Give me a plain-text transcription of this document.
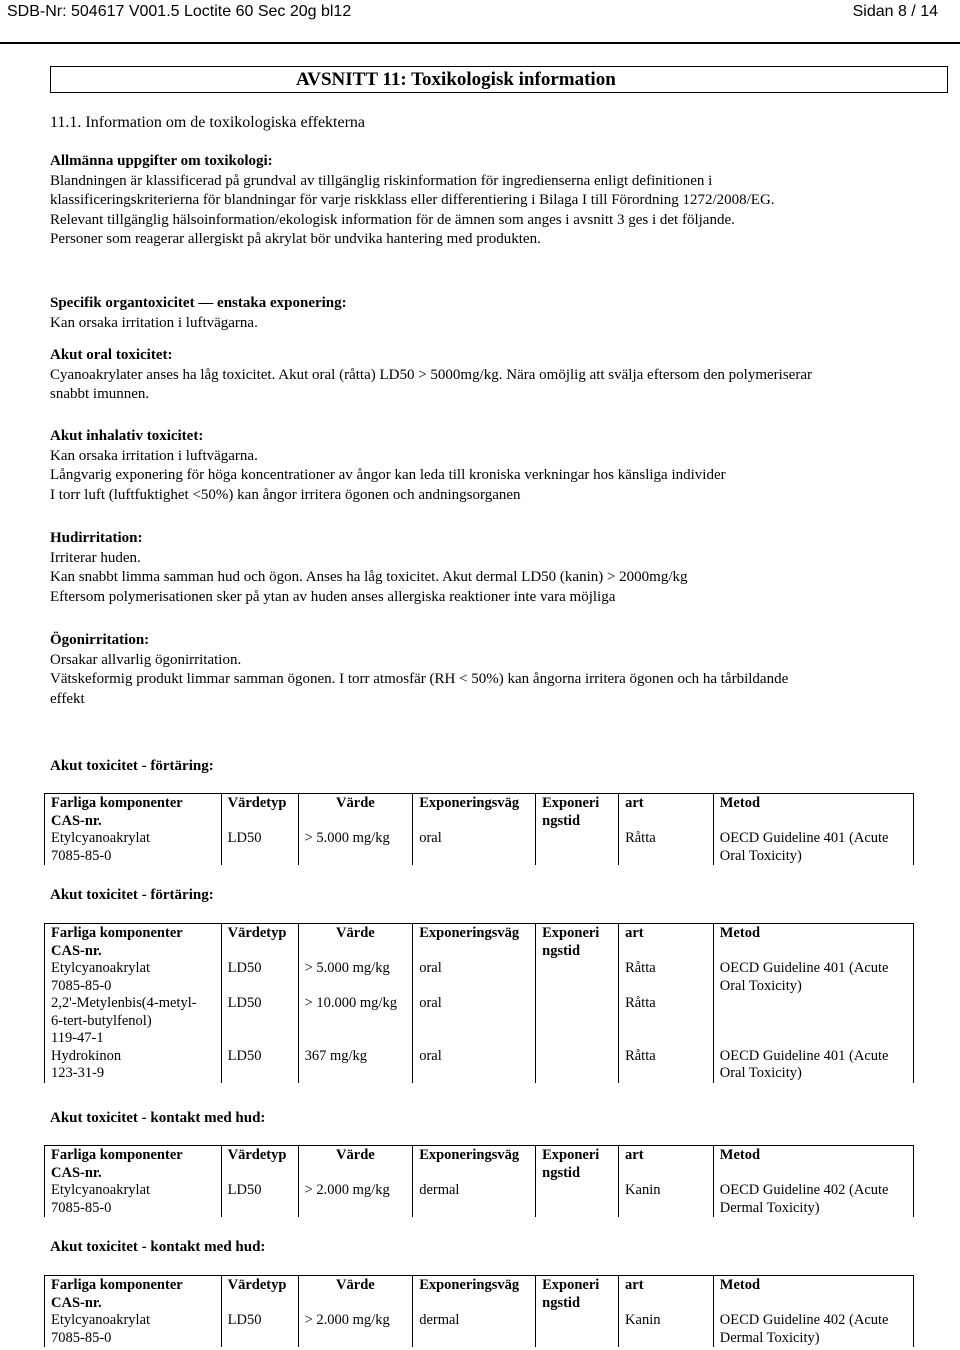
SDB-Nr: 504617 V001.5 Loctite 60 Sec 20g bl12	Sidan 8 / 14
AVSNITT 11: Toxikologisk information
11.1. Information om de toxikologiska effekterna
Allmänna uppgifter om toxikologi:
Blandningen är klassificerad på grundval av tillgänglig riskinformation för ingredienserna enligt definitionen i
klassificeringskriterierna för blandningar för varje riskklass eller differentiering i Bilaga I till Förordning 1272/2008/EG.
Relevant tillgänglig hälsoinformation/ekologisk information för de ämnen som anges i avsnitt 3 ges i det följande.
Personer som reagerar allergiskt på akrylat bör undvika hantering med produkten.
Specifik organtoxicitet — enstaka exponering:
Kan orsaka irritation i luftvägarna.
Akut oral toxicitet:
Cyanoakrylater anses ha låg toxicitet. Akut oral (råtta) LD50 > 5000mg/kg. Nära omöjlig att svälja eftersom den polymeriserar
snabbt imunnen.
Akut inhalativ toxicitet:
Kan orsaka irritation i luftvägarna.
Långvarig exponering för höga koncentrationer av ångor kan leda till kroniska verkningar hos känsliga individer
I torr luft (luftfuktighet <50%) kan ångor irritera ögonen och andningsorganen
Hudirritation:
Irriterar huden.
Kan snabbt limma samman hud och ögon. Anses ha låg toxicitet. Akut dermal LD50 (kanin) > 2000mg/kg
Eftersom polymerisationen sker på ytan av huden anses allergiska reaktioner inte vara möjliga
Ögonirritation:
Orsakar allvarlig ögonirritation.
Vätskeformig produkt limmar samman ögonen. I torr atmosfär (RH < 50%) kan ångorna irritera ögonen och ha tårbildande
effekt
Akut toxicitet - förtäring:
Farliga komponenter
CAS-nr.	Värdetyp	Värde	Exponeringsväg	Exponeri
ngstid	art	Metod
Etylcyanoakrylat
7085-85-0	LD50	> 5.000 mg/kg	oral		Råtta	OECD Guideline 401 (Acute
Oral Toxicity)
Akut toxicitet - förtäring:
Farliga komponenter
CAS-nr.	Värdetyp	Värde	Exponeringsväg	Exponeri
ngstid	art	Metod
Etylcyanoakrylat
7085-85-0	LD50	> 5.000 mg/kg	oral		Råtta	OECD Guideline 401 (Acute
Oral Toxicity)
2,2'-Metylenbis(4-metyl-
6-tert-butylfenol)
119-47-1	LD50	> 10.000 mg/kg	oral		Råtta	
Hydrokinon
123-31-9	LD50	367 mg/kg	oral		Råtta	OECD Guideline 401 (Acute
Oral Toxicity)
Akut toxicitet - kontakt med hud:
Farliga komponenter
CAS-nr.	Värdetyp	Värde	Exponeringsväg	Exponeri
ngstid	art	Metod
Etylcyanoakrylat
7085-85-0	LD50	> 2.000 mg/kg	dermal		Kanin	OECD Guideline 402 (Acute
Dermal Toxicity)
Akut toxicitet - kontakt med hud:
Farliga komponenter
CAS-nr.	Värdetyp	Värde	Exponeringsväg	Exponeri
ngstid	art	Metod
Etylcyanoakrylat
7085-85-0	LD50	> 2.000 mg/kg	dermal		Kanin	OECD Guideline 402 (Acute
Dermal Toxicity)
